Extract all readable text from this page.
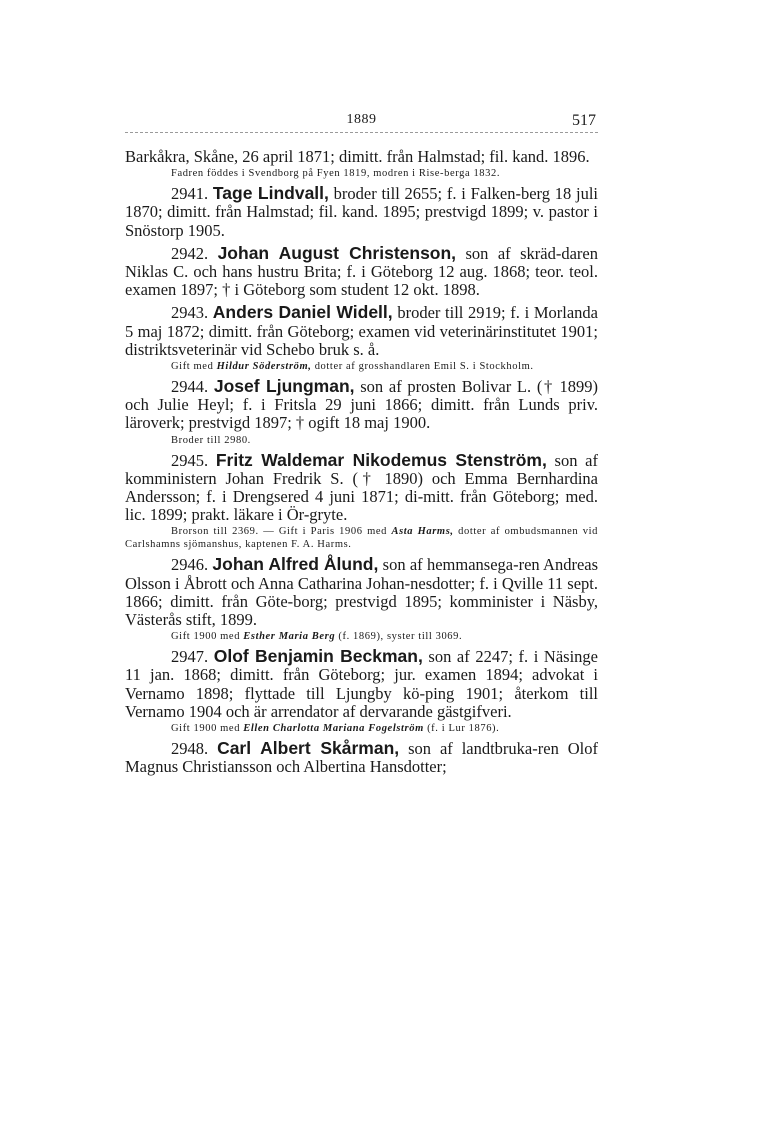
1889	517

Barkåkra, Skåne, 26 april 1871; dimitt. från Halmstad; fil. kand. 1896.

Fadren föddes i Svendborg på Fyen 1819, modren i Rise-berga 1832.

2941. Tage Lindvall, broder till 2655; f. i Falken-berg 18 juli 1870; dimitt. från Halmstad; fil. kand. 1895; prestvigd 1899; v. pastor i Snöstorp 1905.

2942. Johan August Christenson, son af skräd-daren Niklas C. och hans hustru Brita; f. i Göteborg 12 aug. 1868; teor. teol. examen 1897; † i Göteborg som student 12 okt. 1898.

2943. Anders Daniel Widell, broder till 2919; f. i Morlanda 5 maj 1872; dimitt. från Göteborg; examen vid veterinärinstitutet 1901; distriktsveterinär vid Schebo bruk s. å.

Gift med Hildur Söderström, dotter af grosshandlaren Emil S. i Stockholm.

2944. Josef Ljungman, son af prosten Bolivar L. († 1899) och Julie Heyl; f. i Fritsla 29 juni 1866; dimitt. från Lunds priv. läroverk; prestvigd 1897; † ogift 18 maj 1900.

Broder till 2980.

2945. Fritz Waldemar Nikodemus Stenström, son af komministern Johan Fredrik S. († 1890) och Emma Bernhardina Andersson; f. i Drengsered 4 juni 1871; di-mitt. från Göteborg; med. lic. 1899; prakt. läkare i Ör-gryte.

Brorson till 2369. — Gift i Paris 1906 med Asta Harms, dotter af ombudsmannen vid Carlshamns sjömanshus, kaptenen F. A. Harms.

2946. Johan Alfred Ålund, son af hemmansega-ren Andreas Olsson i Åbrott och Anna Catharina Johan-nesdotter; f. i Qville 11 sept. 1866; dimitt. från Göte-borg; prestvigd 1895; komminister i Näsby, Västerås stift, 1899.

Gift 1900 med Esther Maria Berg (f. 1869), syster till 3069.

2947. Olof Benjamin Beckman, son af 2247; f. i Näsinge 11 jan. 1868; dimitt. från Göteborg; jur. examen 1894; advokat i Vernamo 1898; flyttade till Ljungby kö-ping 1901; återkom till Vernamo 1904 och är arrendator af dervarande gästgifveri.

Gift 1900 med Ellen Charlotta Mariana Fogelström (f. i Lur 1876).

2948. Carl Albert Skårman, son af landtbruka-ren Olof Magnus Christiansson och Albertina Hansdotter;
